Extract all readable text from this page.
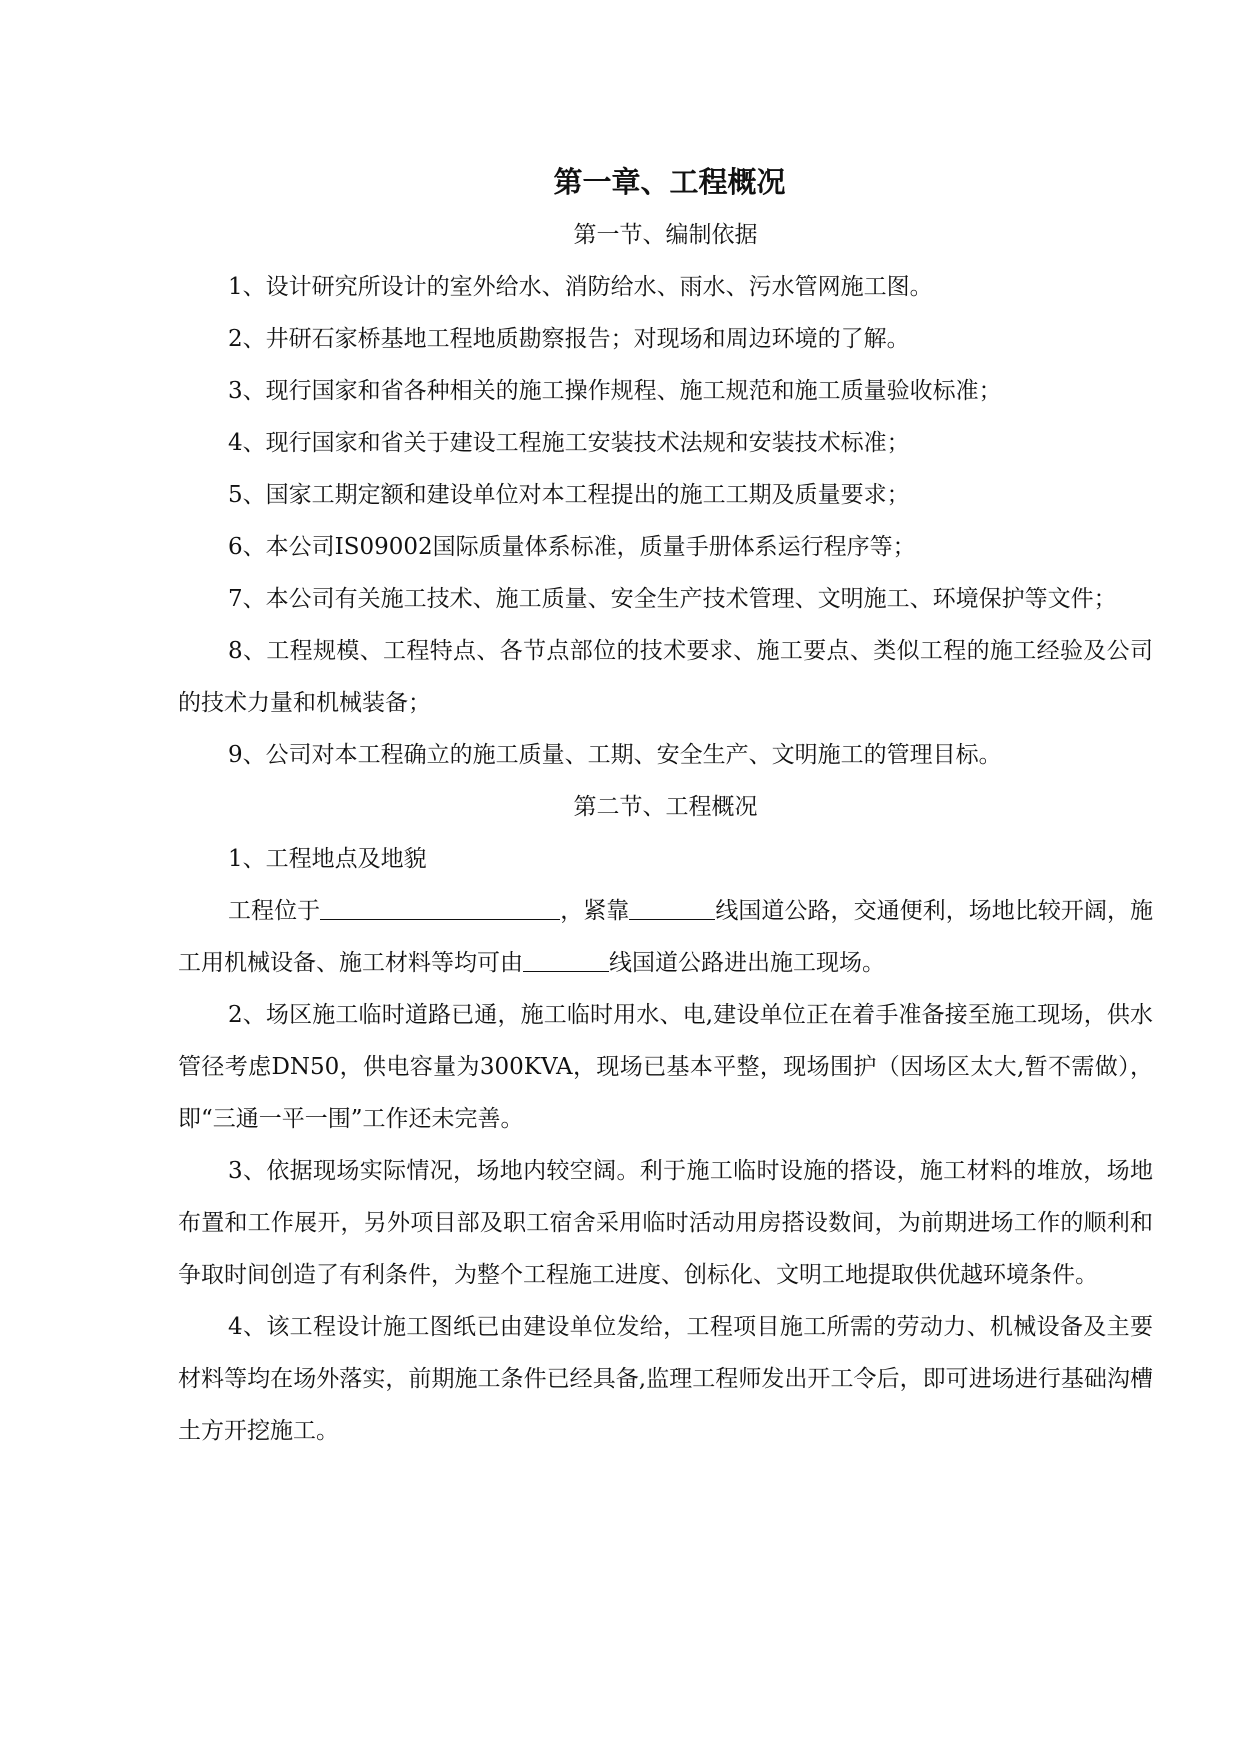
第一章、工程概况
第一节、编制依据

1、设计研究所设计的室外给水、消防给水、雨水、污水管网施工图。

2、井研石家桥基地工程地质勘察报告；对现场和周边环境的了解。

3、现行国家和省各种相关的施工操作规程、施工规范和施工质量验收标准；

4、现行国家和省关于建设工程施工安装技术法规和安装技术标准；

5、国家工期定额和建设单位对本工程提出的施工工期及质量要求；

6、本公司IS09002国际质量体系标准，质量手册体系运行程序等；

7、本公司有关施工技术、施工质量、安全生产技术管理、文明施工、环境保护等文件；

8、工程规模、工程特点、各节点部位的技术要求、施工要点、类似工程的施工经验及公司的技术力量和机械装备；

9、公司对本工程确立的施工质量、工期、安全生产、文明施工的管理目标。

第二节、工程概况

1、工程地点及地貌

工程位于	，紧靠	线国道公路，交通便利，场地比较开阔，施工用机械设备、施工材料等均可由	线国道公路进出施工现场。

2、场区施工临时道路已通，施工临时用水、电,建设单位正在着手准备接至施工现场，供水管径考虑DN50，供电容量为300KVA，现场已基本平整，现场围护（因场区太大,暂不需做），即“三通一平一围”工作还未完善。

3、依据现场实际情况，场地内较空阔。利于施工临时设施的搭设，施工材料的堆放，场地布置和工作展开，另外项目部及职工宿舍采用临时活动用房搭设数间，为前期进场工作的顺利和争取时间创造了有利条件，为整个工程施工进度、创标化、文明工地提取供优越环境条件。

4、该工程设计施工图纸已由建设单位发给，工程项目施工所需的劳动力、机械设备及主要材料等均在场外落实，前期施工条件已经具备,监理工程师发出开工令后，即可进场进行基础沟槽土方开挖施工。
